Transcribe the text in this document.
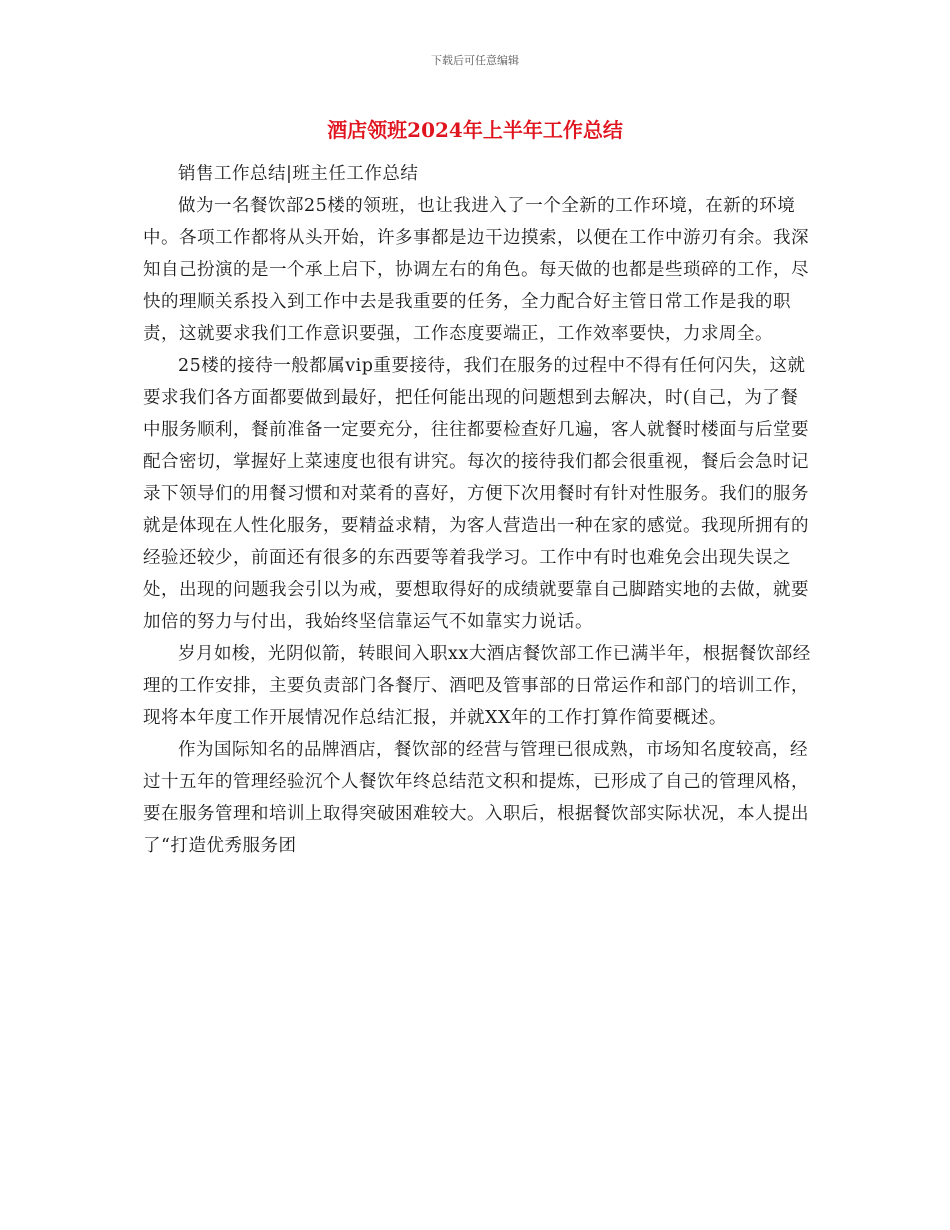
下载后可任意编辑
酒店领班2024年上半年工作总结

销售工作总结|班主任工作总结

做为一名餐饮部25楼的领班，也让我进入了一个全新的工作环境，在新的环境中。各项工作都将从头开始，许多事都是边干边摸索，以便在工作中游刃有余。我深知自己扮演的是一个承上启下，协调左右的角色。每天做的也都是些琐碎的工作，尽快的理顺关系投入到工作中去是我重要的任务，全力配合好主管日常工作是我的职责，这就要求我们工作意识要强，工作态度要端正，工作效率要快，力求周全。

25楼的接待一般都属vip重要接待，我们在服务的过程中不得有任何闪失，这就要求我们各方面都要做到最好，把任何能出现的问题想到去解决，时(自己，为了餐中服务顺利，餐前准备一定要充分，往往都要检查好几遍，客人就餐时楼面与后堂要配合密切，掌握好上菜速度也很有讲究。每次的接待我们都会很重视，餐后会急时记录下领导们的用餐习惯和对菜肴的喜好，方便下次用餐时有针对性服务。我们的服务就是体现在人性化服务，要精益求精，为客人营造出一种在家的感觉。我现所拥有的经验还较少，前面还有很多的东西要等着我学习。工作中有时也难免会出现失误之处，出现的问题我会引以为戒，要想取得好的成绩就要靠自己脚踏实地的去做，就要加倍的努力与付出，我始终坚信靠运气不如靠实力说话。

岁月如梭，光阴似箭，转眼间入职xx大酒店餐饮部工作已满半年，根据餐饮部经理的工作安排，主要负责部门各餐厅、酒吧及管事部的日常运作和部门的培训工作，现将本年度工作开展情况作总结汇报，并就XX年的工作打算作简要概述。

作为国际知名的品牌酒店，餐饮部的经营与管理已很成熟，市场知名度较高，经过十五年的管理经验沉个人餐饮年终总结范文积和提炼，已形成了自己的管理风格，要在服务管理和培训上取得突破困难较大。入职后，根据餐饮部实际状况，本人提出了“打造优秀服务团
